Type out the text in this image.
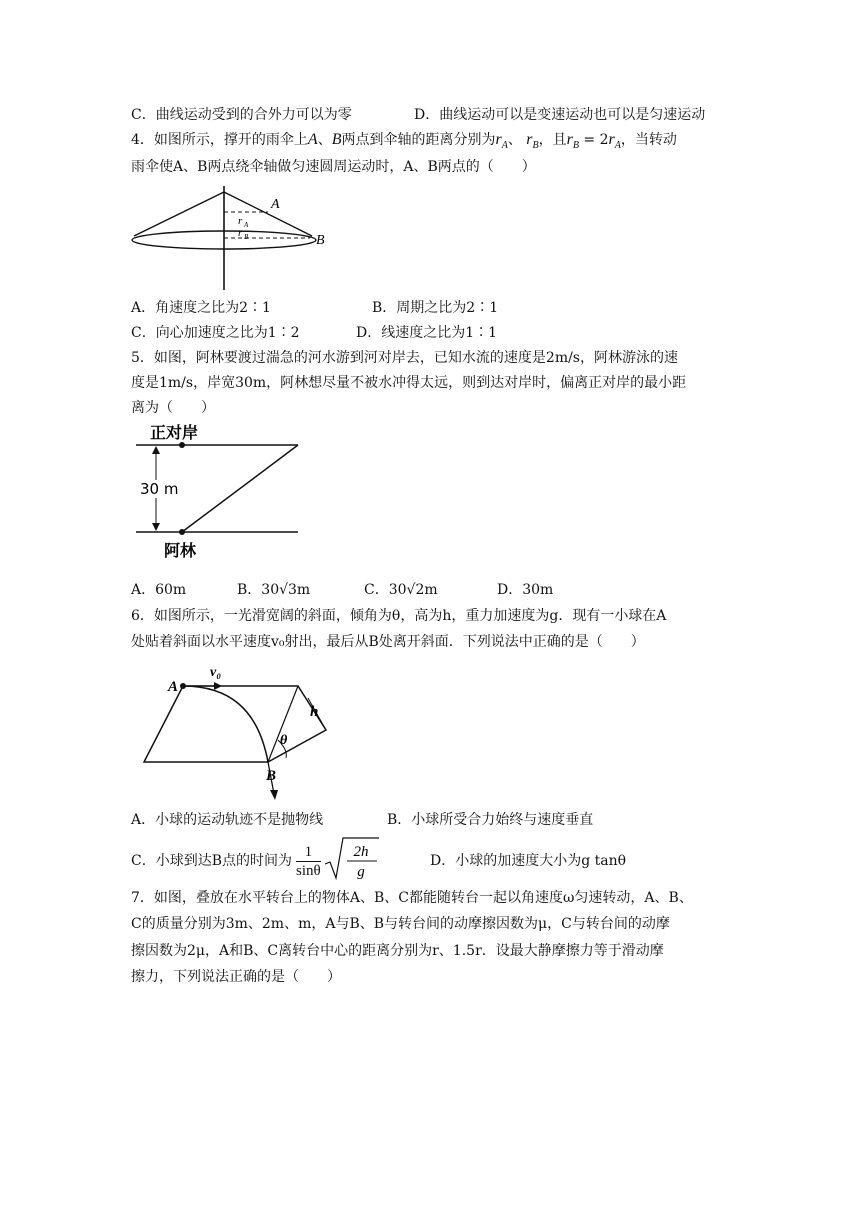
C．曲线运动受到的合外力可以为零	D．曲线运动可以是变速运动也可以是匀速运动
4．如图所示，撑开的雨伞上A、B两点到伞轴的距离分别为$r_A$、 $r_B$，且$r_B = 2r_A$，当转动
雨伞使A、B两点绕伞轴做匀速圆周运动时，A、B两点的（　　）
A
B
r A
r B
A．角速度之比为2∶1	B．周期之比为2∶1
C．向心加速度之比为1∶2	D．线速度之比为1∶1
5．如图，阿林要渡过湍急的河水游到河对岸去，已知水流的速度是2m/s，阿林游泳的速
度是1m/s，岸宽30m，阿林想尽量不被水冲得太远，则到达对岸时，偏离正对岸的最小距
离为（　　）
30 m
正对岸
阿林
A．60m	B．30√3m	C．30√2m	D．30m
6．如图所示，一光滑宽阔的斜面，倾角为θ，高为h，重力加速度为g．现有一小球在A
处贴着斜面以水平速度v₀射出，最后从B处离开斜面．下列说法中正确的是（　　）
A
B
v₀
h
θ
A．小球的运动轨迹不是抛物线	B．小球所受合力始终与速度垂直
C．小球到达B点的时间为 $\frac{1}{\sin\theta} 2h$
g
D．小球的加速度大小为g tanθ
7．如图，叠放在水平转台上的物体A、B、C都能随转台一起以角速度ω匀速转动，A、B、
C的质量分别为3m、2m、m，A与B、B与转台间的动摩擦因数为μ，C与转台间的动摩
擦因数为2μ，A和B、C离转台中心的距离分别为r、1.5r．设最大静摩擦力等于滑动摩
擦力，下列说法正确的是（　　）
